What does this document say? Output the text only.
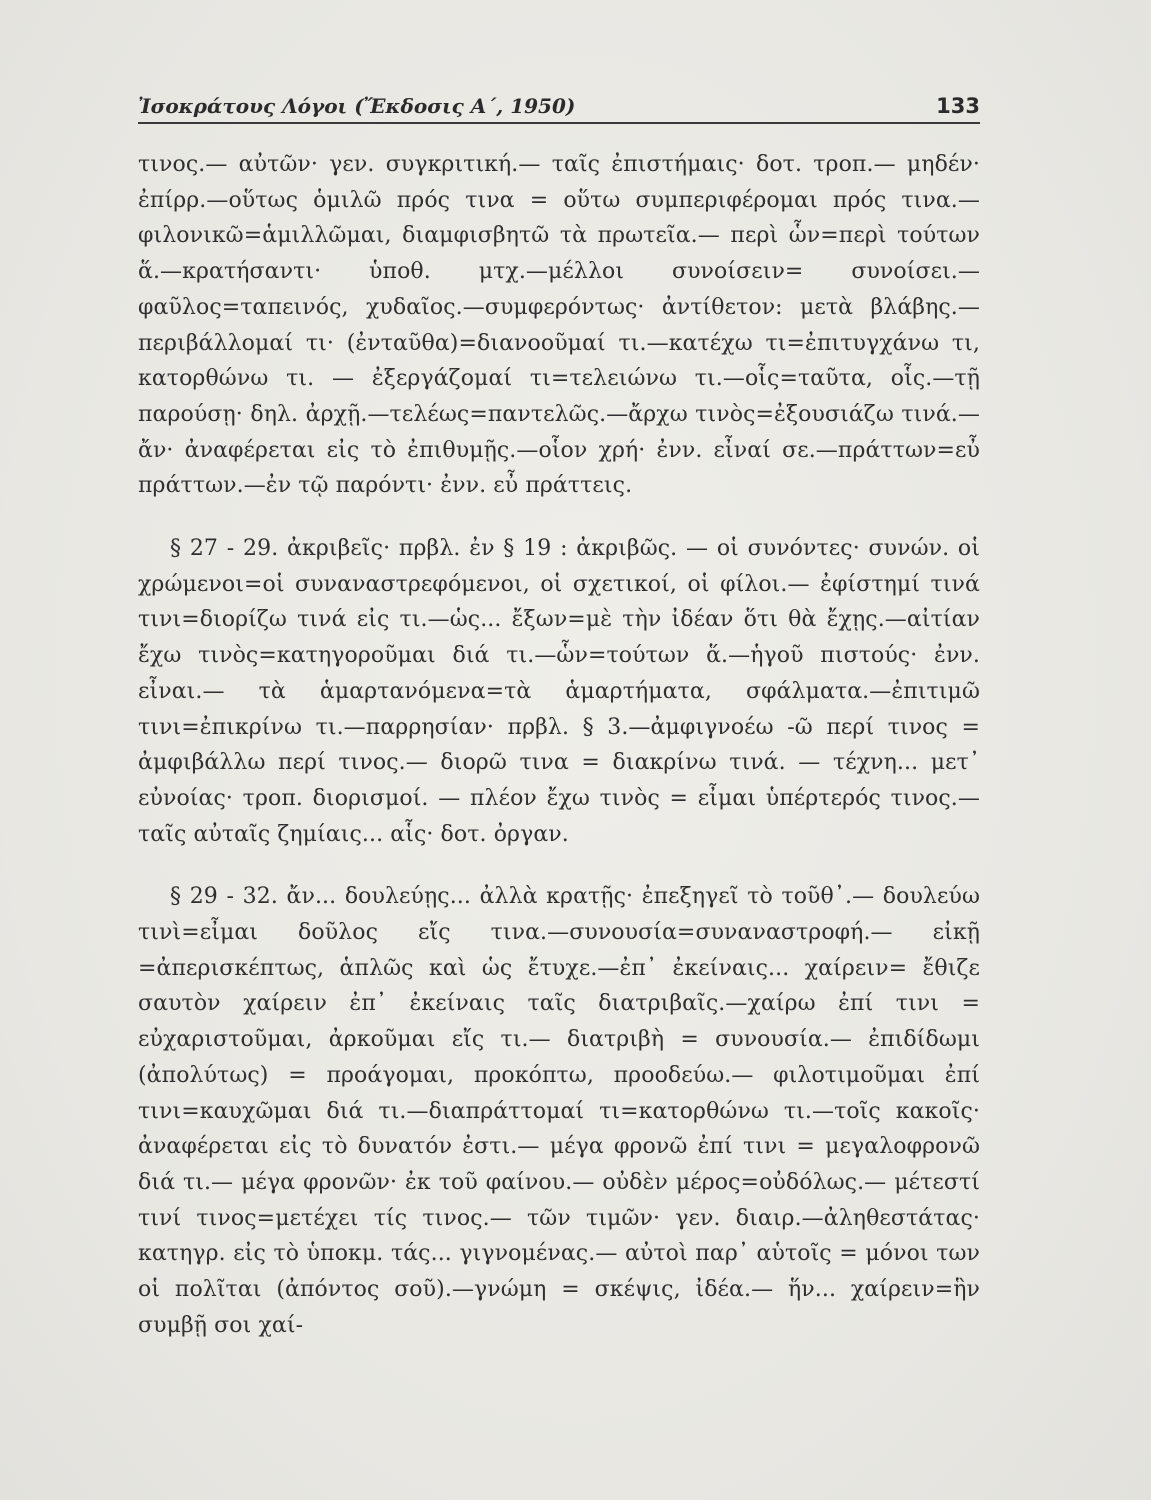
Ἰσοκράτους Λόγοι (Ἔκδοσις Α΄, 1950)	133

τινος.— αὐτῶν· γεν. συγκριτική.— ταῖς ἐπιστήμαις· δοτ. τροπ.— μηδέν· ἐπίρρ.—οὕτως ὁμιλῶ πρός τινα = οὕτω συμπεριφέρομαι πρός τινα.—φιλονικῶ=ἁμιλλῶμαι, διαμφισβητῶ τὰ πρωτεῖα.— περὶ ὧν=περὶ τούτων ἅ.—κρατήσαντι· ὑποθ. μτχ.—μέλλοι συνοίσειν= συνοίσει.—φαῦλος=ταπεινός, χυδαῖος.—συμφερόντως· ἀντίθετον: μετὰ βλάβης.—περιβάλλομαί τι· (ἐνταῦθα)=διανοοῦμαί τι.—κατέχω τι=ἐπιτυγχάνω τι, κατορθώνω τι. — ἐξεργάζομαί τι=τελειώνω τι.—οἷς=ταῦτα, οἷς.—τῇ παρούσῃ· δηλ. ἀρχῇ.—τελέως=παντελῶς.—ἄρχω τινὸς=ἐξουσιάζω τινά.—ἄν· ἀναφέρεται εἰς τὸ ἐπιθυμῇς.—οἷον χρή· ἐνν. εἶναί σε.—πράττων=εὖ πράττων.—ἐν τῷ παρόντι· ἐνν. εὖ πράττεις.

§ 27 - 29. ἀκριβεῖς· πρβλ. ἐν § 19 : ἀκριβῶς. — οἱ συνόντες· συνών. οἱ χρώμενοι=οἱ συναναστρεφόμενοι, οἱ σχετικοί, οἱ φίλοι.— ἐφίστημί τινά τινι=διορίζω τινά εἰς τι.—ὡς... ἔξων=μὲ τὴν ἰδέαν ὅτι θὰ ἔχῃς.—αἰτίαν ἔχω τινὸς=κατηγοροῦμαι διά τι.—ὧν=τούτων ἅ.—ἡγοῦ πιστούς· ἐνν. εἶναι.— τὰ ἁμαρτανόμενα=τὰ ἁμαρτήματα, σφάλματα.—ἐπιτιμῶ τινι=ἐπικρίνω τι.—παρρησίαν· πρβλ. § 3.—ἀμφιγνοέω -ῶ περί τινος = ἀμφιβάλλω περί τινος.— διορῶ τινα = διακρίνω τινά. — τέχνη... μετ᾽ εὐνοίας· τροπ. διορισμοί. — πλέον ἔχω τινὸς = εἶμαι ὑπέρτερός τινος.—ταῖς αὐταῖς ζημίαις... αἷς· δοτ. ὀργαν.

§ 29 - 32. ἄν... δουλεύῃς... ἀλλὰ κρατῇς· ἐπεξηγεῖ τὸ τοῦθ᾽.— δουλεύω τινὶ=εἶμαι δοῦλος εἴς τινα.—συνουσία=συναναστροφή.— εἰκῇ =ἀπερισκέπτως, ἁπλῶς καὶ ὡς ἔτυχε.—ἐπ᾽ ἐκείναις... χαίρειν= ἔθιζε σαυτὸν χαίρειν ἐπ᾽ ἐκείναις ταῖς διατριβαῖς.—χαίρω ἐπί τινι = εὐχαριστοῦμαι, ἀρκοῦμαι εἴς τι.— διατριβὴ = συνουσία.— ἐπιδίδωμι (ἀπολύτως) = προάγομαι, προκόπτω, προοδεύω.— φιλοτιμοῦμαι ἐπί τινι=καυχῶμαι διά τι.—διαπράττομαί τι=κατορθώνω τι.—τοῖς κακοῖς· ἀναφέρεται εἰς τὸ δυνατόν ἐστι.— μέγα φρονῶ ἐπί τινι = μεγαλοφρονῶ διά τι.— μέγα φρονῶν· ἐκ τοῦ φαίνου.— οὐδὲν μέρος=οὐδόλως.— μέτεστί τινί τινος=μετέχει τίς τινος.— τῶν τιμῶν· γεν. διαιρ.—ἀληθεστάτας· κατηγρ. εἰς τὸ ὑποκμ. τάς... γιγνομένας.— αὐτοὶ παρ᾽ αὑτοῖς = μόνοι των οἱ πολῖται (ἀπόντος σοῦ).—γνώμη = σκέψις, ἰδέα.— ἥν... χαίρειν=ἣν συμβῇ σοι χαί-
